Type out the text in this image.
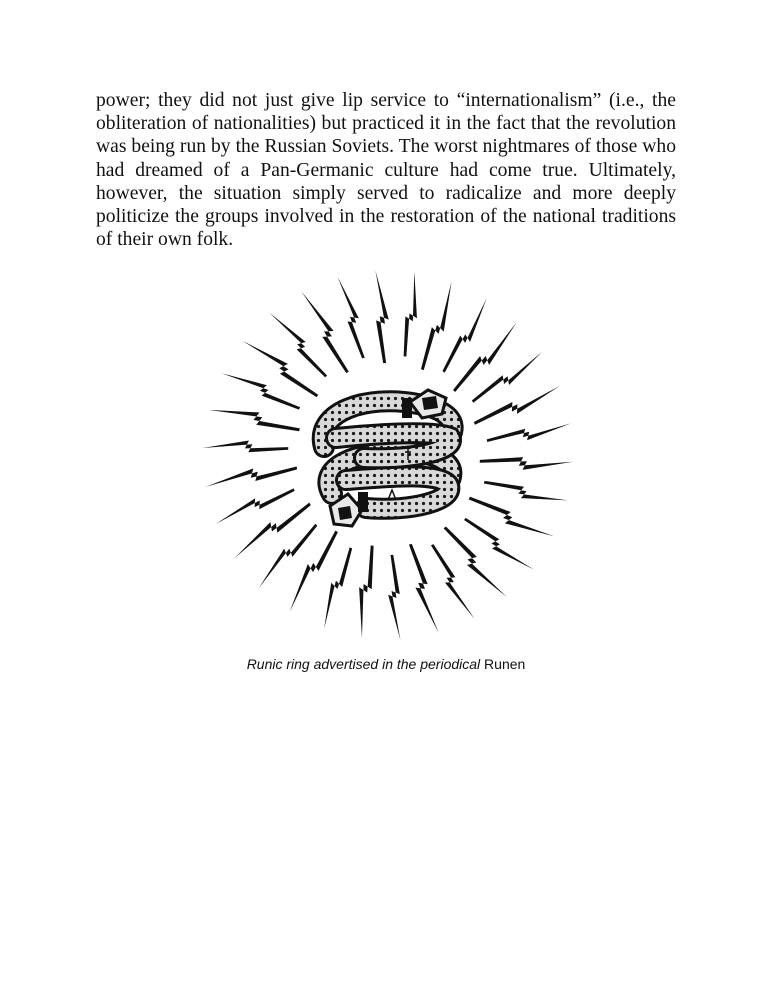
power; they did not just give lip service to “internationalism” (i.e., the obliteration of nationalities) but practiced it in the fact that the revolution was being run by the Russian Soviets. The worst nightmares of those who had dreamed of a Pan-Germanic culture had come true. Ultimately, however, the situation simply served to radicalize and more deeply politicize the groups involved in the restoration of the national traditions of their own folk.

Runic ring advertised in the periodical Runen
